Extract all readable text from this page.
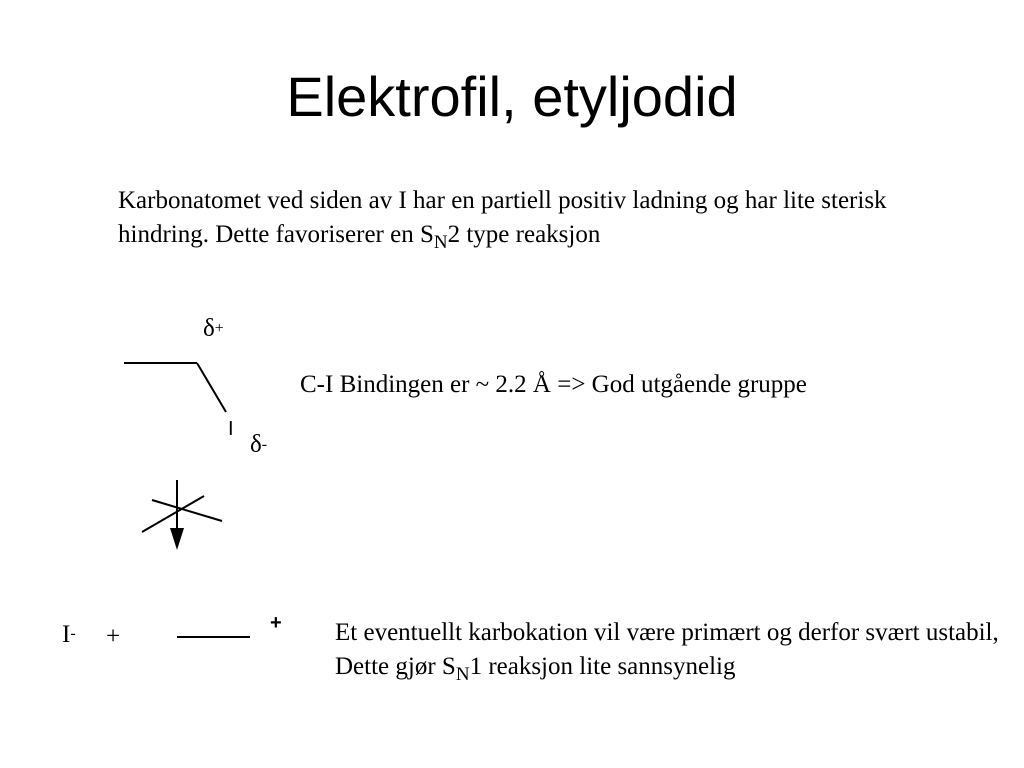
Elektrofil, etyljodid

Karbonatomet ved siden av I har en partiell positiv ladning og har lite sterisk hindring. Dette favoriserer en $S_N2$ type reaksjon

δ+
I
δ-
C-I Bindingen er ~ 2.2 Å => God utgående gruppe
I- +	+ Et eventuellt karbokation vil være primært og derfor svært ustabil, Dette gjør $S_N1$ reaksjon lite sannsynelig
